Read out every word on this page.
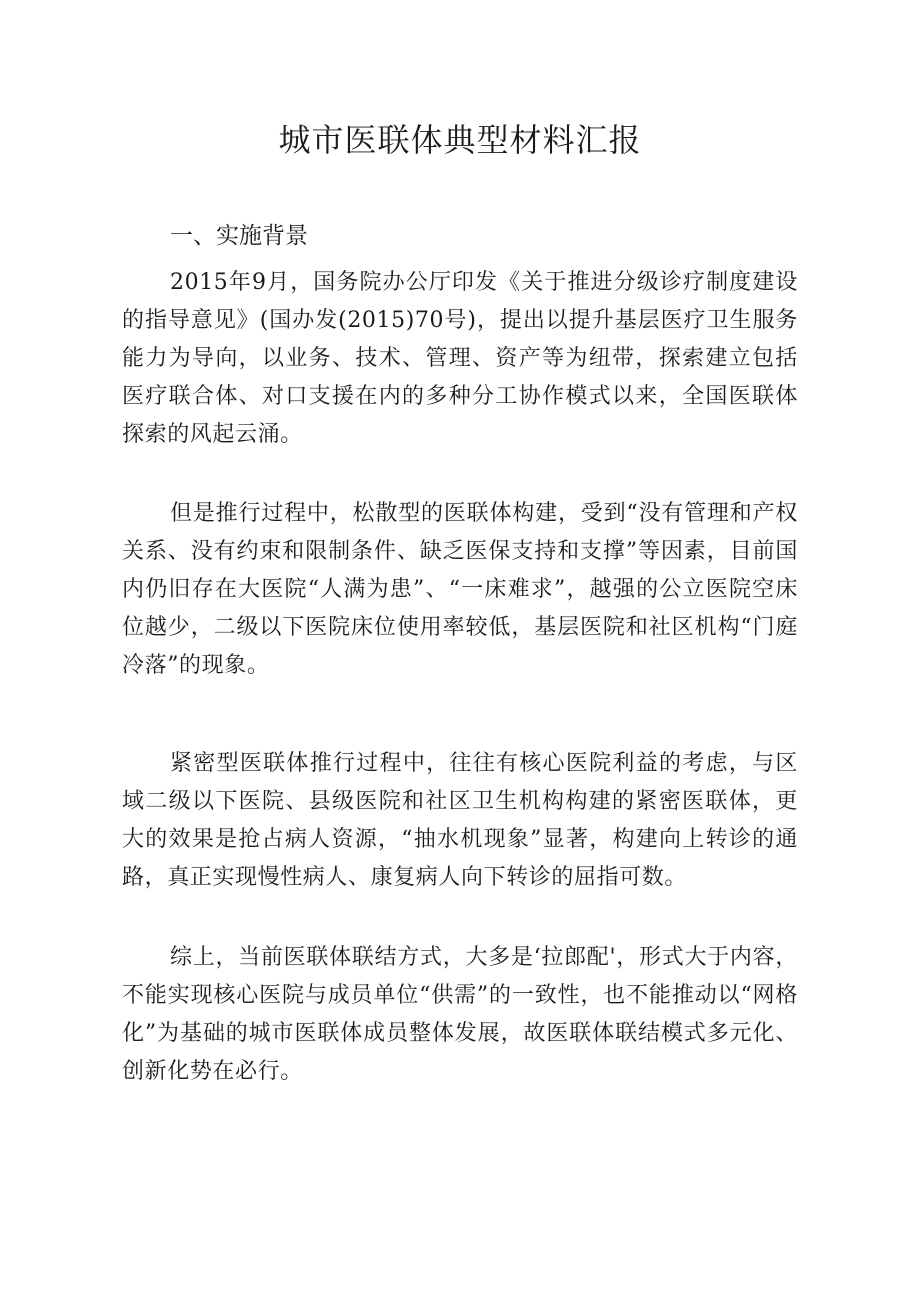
城市医联体典型材料汇报
一、实施背景

2015年9月，国务院办公厅印发《关于推进分级诊疗制度建设的指导意见》(国办发(2015)70号)，提出以提升基层医疗卫生服务能力为导向，以业务、技术、管理、资产等为纽带，探索建立包括医疗联合体、对口支援在内的多种分工协作模式以来，全国医联体探索的风起云涌。

但是推行过程中，松散型的医联体构建，受到“没有管理和产权关系、没有约束和限制条件、缺乏医保支持和支撑”等因素，目前国内仍旧存在大医院“人满为患”、“一床难求”，越强的公立医院空床位越少，二级以下医院床位使用率较低，基层医院和社区机构“门庭冷落”的现象。

紧密型医联体推行过程中，往往有核心医院利益的考虑，与区域二级以下医院、县级医院和社区卫生机构构建的紧密医联体，更大的效果是抢占病人资源，“抽水机现象”显著，构建向上转诊的通路，真正实现慢性病人、康复病人向下转诊的屈指可数。

综上，当前医联体联结方式，大多是‘拉郎配'，形式大于内容，不能实现核心医院与成员单位“供需”的一致性，也不能推动以“网格化”为基础的城市医联体成员整体发展，故医联体联结模式多元化、创新化势在必行。
